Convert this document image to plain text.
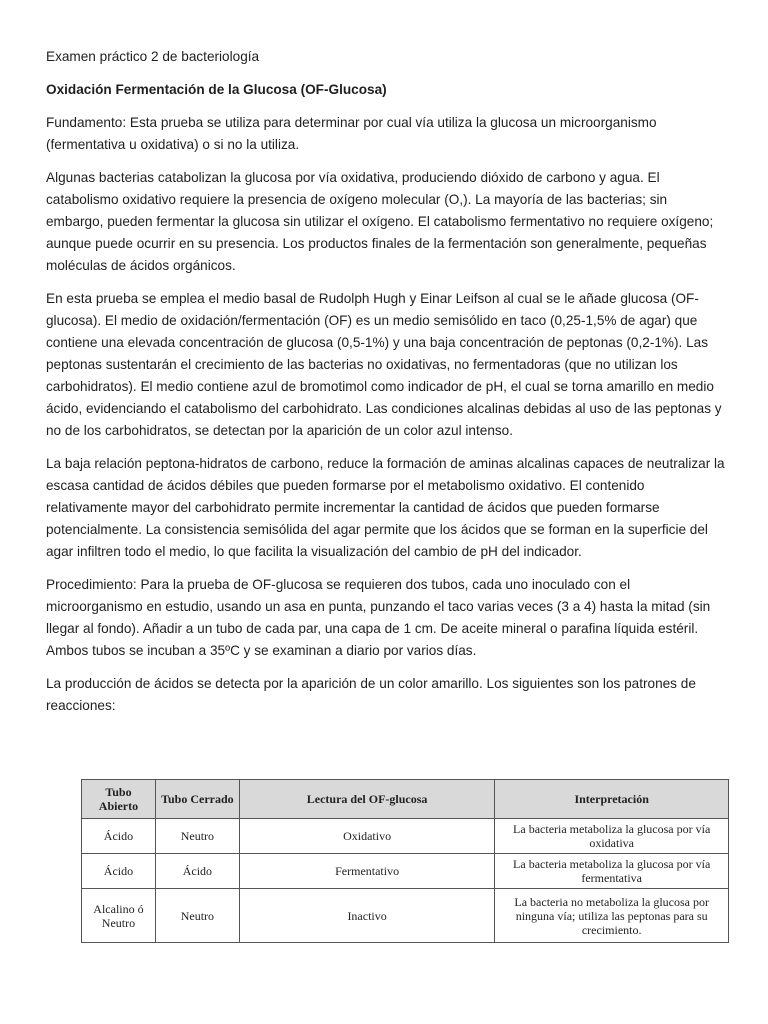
Examen práctico 2 de bacteriología

Oxidación Fermentación de la Glucosa (OF-Glucosa)

Fundamento: Esta prueba se utiliza para determinar por cual vía utiliza la glucosa un microorganismo (fermentativa u oxidativa) o si no la utiliza.

Algunas bacterias catabolizan la glucosa por vía oxidativa, produciendo dióxido de carbono y agua. El catabolismo oxidativo requiere la presencia de oxígeno molecular (O,). La mayoría de las bacterias; sin embargo, pueden fermentar la glucosa sin utilizar el oxígeno. El catabolismo fermentativo no requiere oxígeno; aunque puede ocurrir en su presencia. Los productos finales de la fermentación son generalmente, pequeñas moléculas de ácidos orgánicos.

En esta prueba se emplea el medio basal de Rudolph Hugh y Einar Leifson al cual se le añade glucosa (OF-glucosa). El medio de oxidación/fermentación (OF) es un medio semisólido en taco (0,25-1,5% de agar) que contiene una elevada concentración de glucosa (0,5-1%) y una baja concentración de peptonas (0,2-1%). Las peptonas sustentarán el crecimiento de las bacterias no oxidativas, no fermentadoras (que no utilizan los carbohidratos). El medio contiene azul de bromotimol como indicador de pH, el cual se torna amarillo en medio ácido, evidenciando el catabolismo del carbohidrato. Las condiciones alcalinas debidas al uso de las peptonas y no de los carbohidratos, se detectan por la aparición de un color azul intenso.

La baja relación peptona-hidratos de carbono, reduce la formación de aminas alcalinas capaces de neutralizar la escasa cantidad de ácidos débiles que pueden formarse por el metabolismo oxidativo. El contenido relativamente mayor del carbohidrato permite incrementar la cantidad de ácidos que pueden formarse potencialmente. La consistencia semisólida del agar permite que los ácidos que se forman en la superficie del agar infiltren todo el medio, lo que facilita la visualización del cambio de pH del indicador.

Procedimiento: Para la prueba de OF-glucosa se requieren dos tubos, cada uno inoculado con el microorganismo en estudio, usando un asa en punta, punzando el taco varias veces (3 a 4) hasta la mitad (sin llegar al fondo). Añadir a un tubo de cada par, una capa de 1 cm. De aceite mineral o parafina líquida estéril. Ambos tubos se incuban a 35ºC y se examinan a diario por varios días.

La producción de ácidos se detecta por la aparición de un color amarillo. Los siguientes son los patrones de reacciones:

Tubo Abierto	Tubo Cerrado	Lectura del OF-glucosa	Interpretación
Ácido	Neutro	Oxidativo	La bacteria metaboliza la glucosa por vía oxidativa
Ácido	Ácido	Fermentativo	La bacteria metaboliza la glucosa por vía fermentativa
Alcalino ó Neutro	Neutro	Inactivo	La bacteria no metaboliza la glucosa por ninguna vía; utiliza las peptonas para su crecimiento.
